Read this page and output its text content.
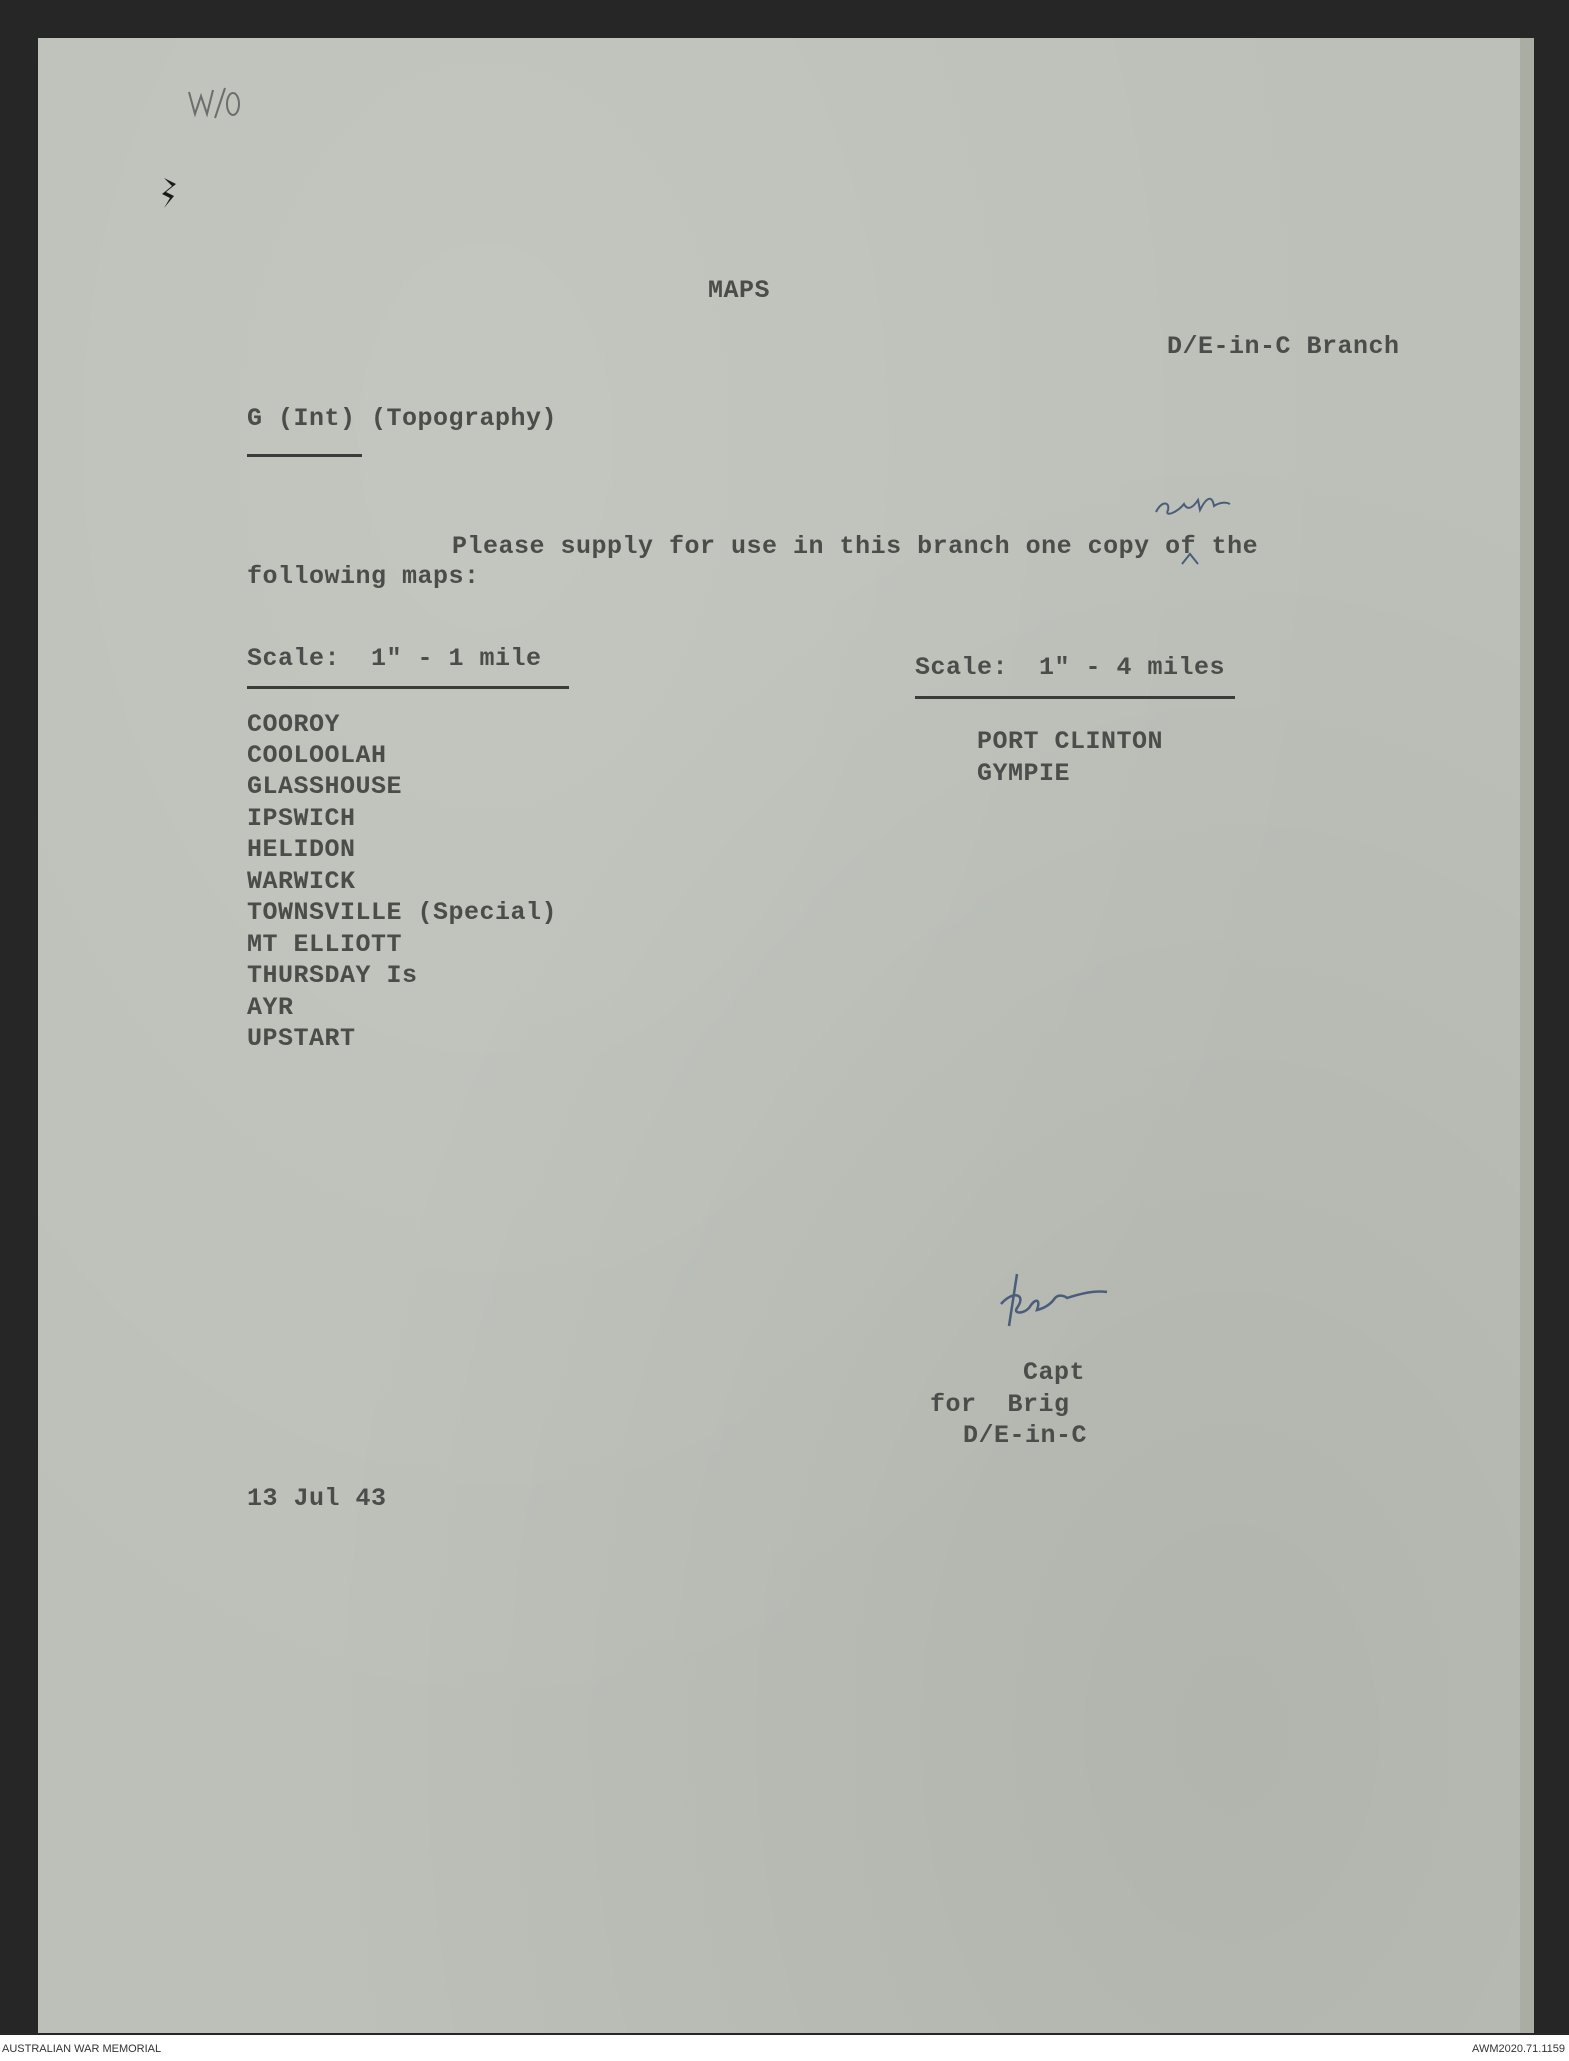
MAPS
D/E-in-C Branch
G (Int) (Topography)
Please supply for use in this branch one copy of the
following maps:
Scale:  1" - 1 mile
COOROY
COOLOOLAH
GLASSHOUSE
IPSWICH
HELIDON
WARWICK
TOWNSVILLE (Special)
MT ELLIOTT
THURSDAY Is
AYR
UPSTART
Scale:  1" - 4 miles
PORT CLINTON
GYMPIE
Capt
for  Brig
D/E-in-C
13 Jul 43
AUSTRALIAN WAR MEMORIAL	AWM2020.71.1159
